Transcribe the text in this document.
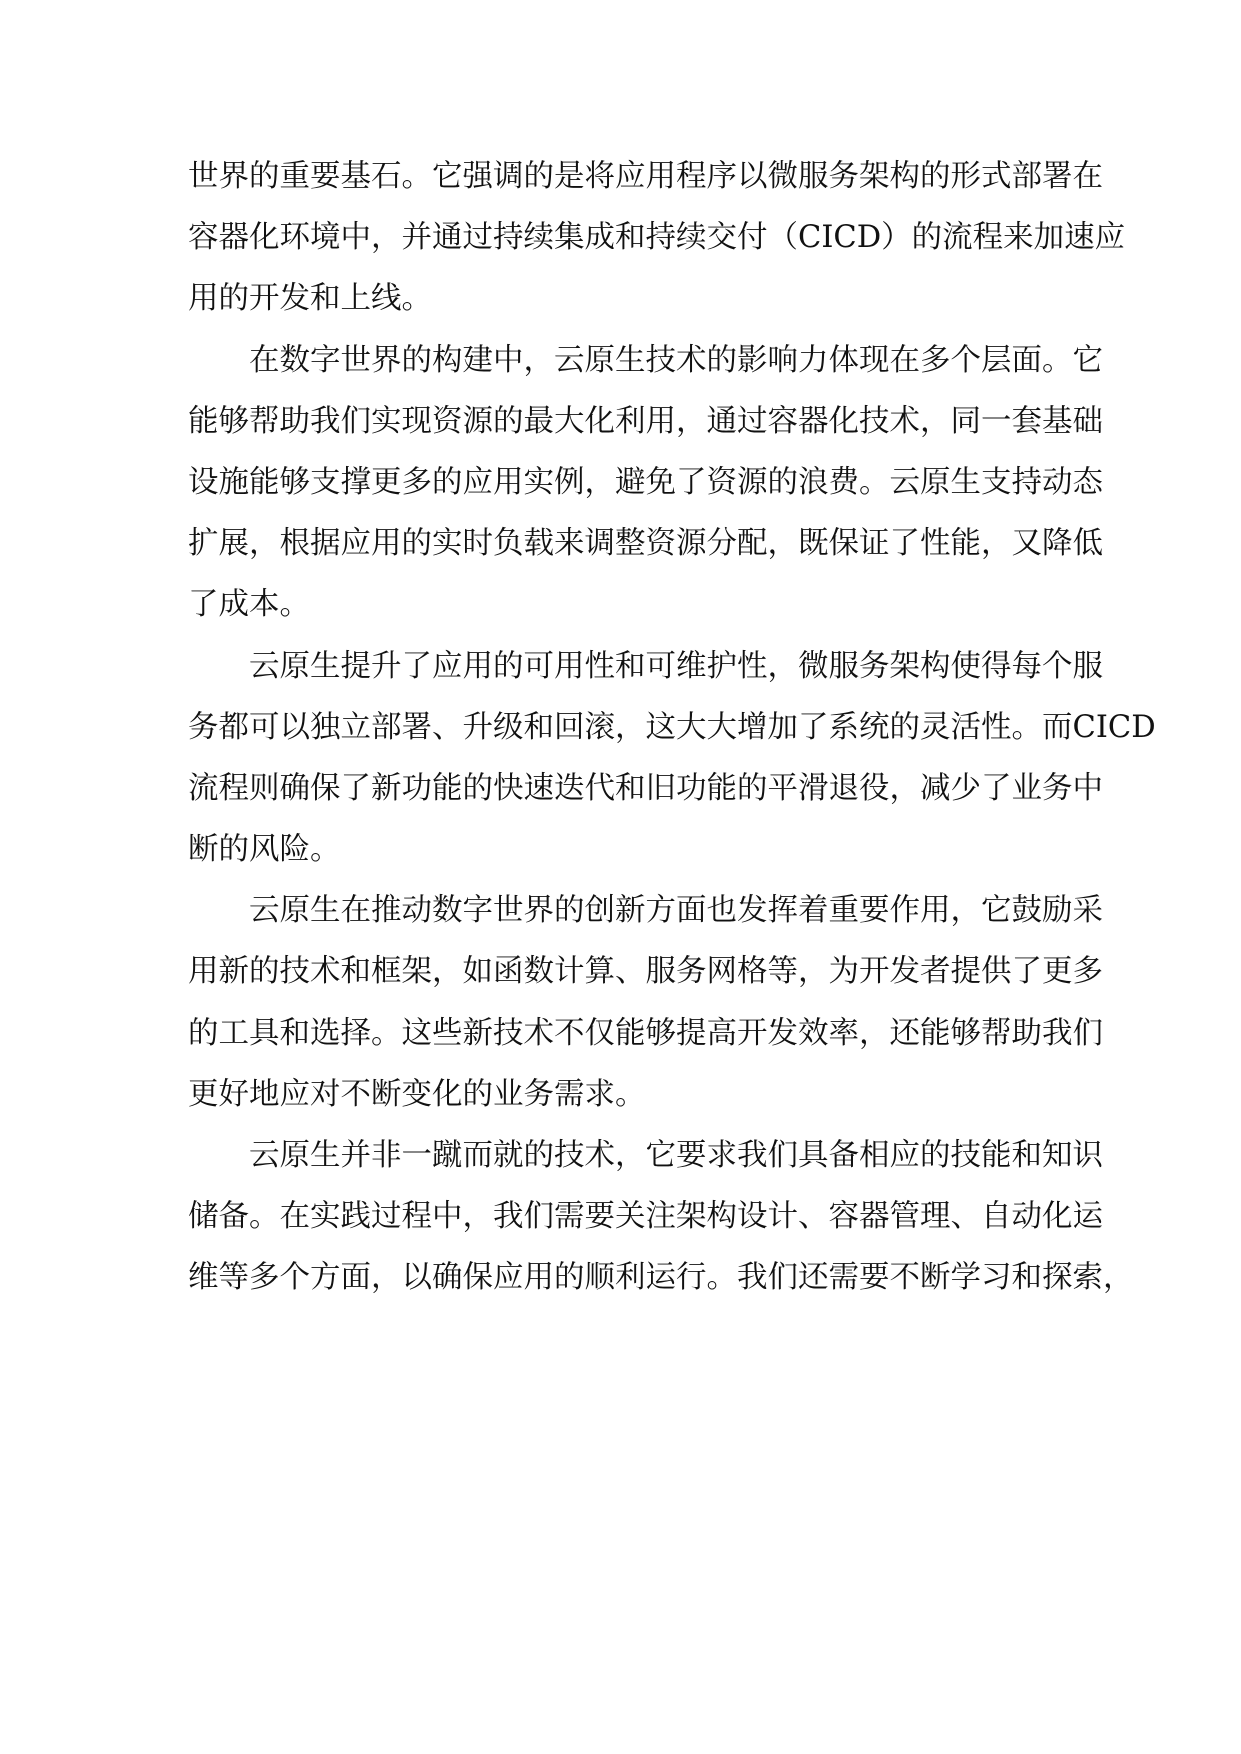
世界的重要基石。它强调的是将应用程序以微服务架构的形式部署在
容器化环境中，并通过持续集成和持续交付（CICD）的流程来加速应
用的开发和上线。
在数字世界的构建中，云原生技术的影响力体现在多个层面。它
能够帮助我们实现资源的最大化利用，通过容器化技术，同一套基础
设施能够支撑更多的应用实例，避免了资源的浪费。云原生支持动态
扩展，根据应用的实时负载来调整资源分配，既保证了性能，又降低
了成本。
云原生提升了应用的可用性和可维护性，微服务架构使得每个服
务都可以独立部署、升级和回滚，这大大增加了系统的灵活性。而CICD
流程则确保了新功能的快速迭代和旧功能的平滑退役，减少了业务中
断的风险。
云原生在推动数字世界的创新方面也发挥着重要作用，它鼓励采
用新的技术和框架，如函数计算、服务网格等，为开发者提供了更多
的工具和选择。这些新技术不仅能够提高开发效率，还能够帮助我们
更好地应对不断变化的业务需求。
云原生并非一蹴而就的技术，它要求我们具备相应的技能和知识
储备。在实践过程中，我们需要关注架构设计、容器管理、自动化运
维等多个方面，以确保应用的顺利运行。我们还需要不断学习和探索，
